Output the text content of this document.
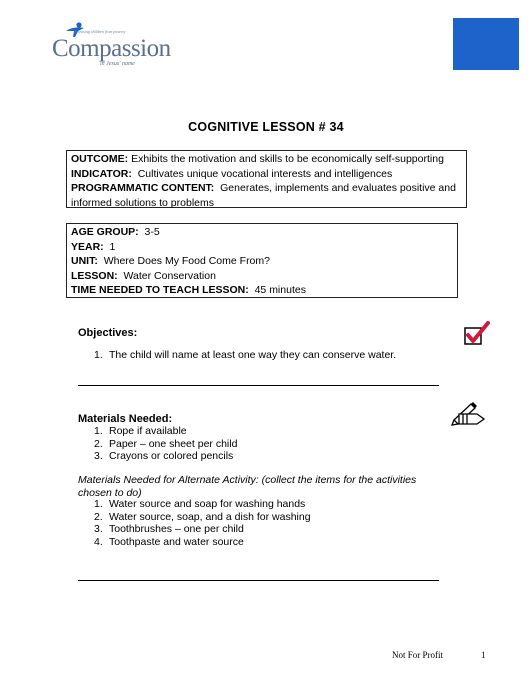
Releasing children from poverty
Compassion
in Jesus' name
COGNITIVE LESSON # 34
OUTCOME: Exhibits the motivation and skills to be economically self-supporting
INDICATOR: Cultivates unique vocational interests and intelligences
PROGRAMMATIC CONTENT: Generates, implements and evaluates positive and informed solutions to problems
AGE GROUP: 3-5
YEAR: 1
UNIT: Where Does My Food Come From?
LESSON: Water Conservation
TIME NEEDED TO TEACH LESSON: 45 minutes
Objectives:
1. The child will name at least one way they can conserve water.
Materials Needed:
1. Rope if available
2. Paper – one sheet per child
3. Crayons or colored pencils
Materials Needed for Alternate Activity: (collect the items for the activities chosen to do)
1. Water source and soap for washing hands
2. Water source, soap, and a dish for washing
3. Toothbrushes – one per child
4. Toothpaste and water source
Not For Profit	1
